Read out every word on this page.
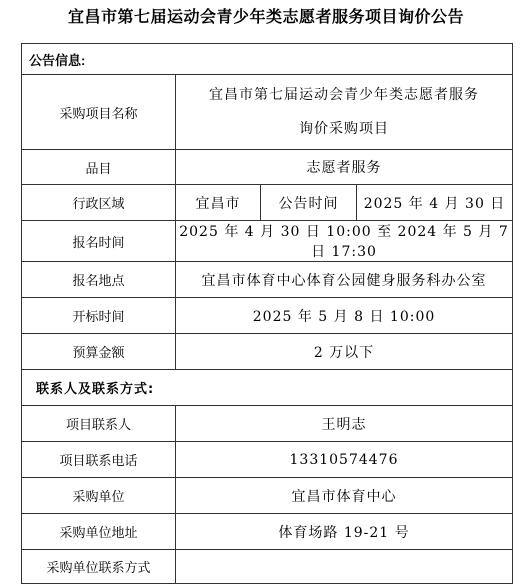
宜昌市第七届运动会青少年类志愿者服务项目询价公告
公告信息:			
采购项目名称	宜昌市第七届运动会青少年类志愿者服务
询价采购项目		

品目	志愿者服务		
行政区域	宜昌市	公告时间	2025 年 4 月 30 日
报名时间	2025 年 4 月 30 日 10:00 至 2024 年 5 月 7 日 17:30		
报名地点	宜昌市体育中心体育公园健身服务科办公室		
开标时间	2025 年 5 月 8 日 10:00		
预算金额	2 万以下		
联系人及联系方式:			
项目联系人	王明志		
项目联系电话	13310574476		
采购单位	宜昌市体育中心		
采购单位地址	体育场路 19-21 号		
采购单位联系方式			
